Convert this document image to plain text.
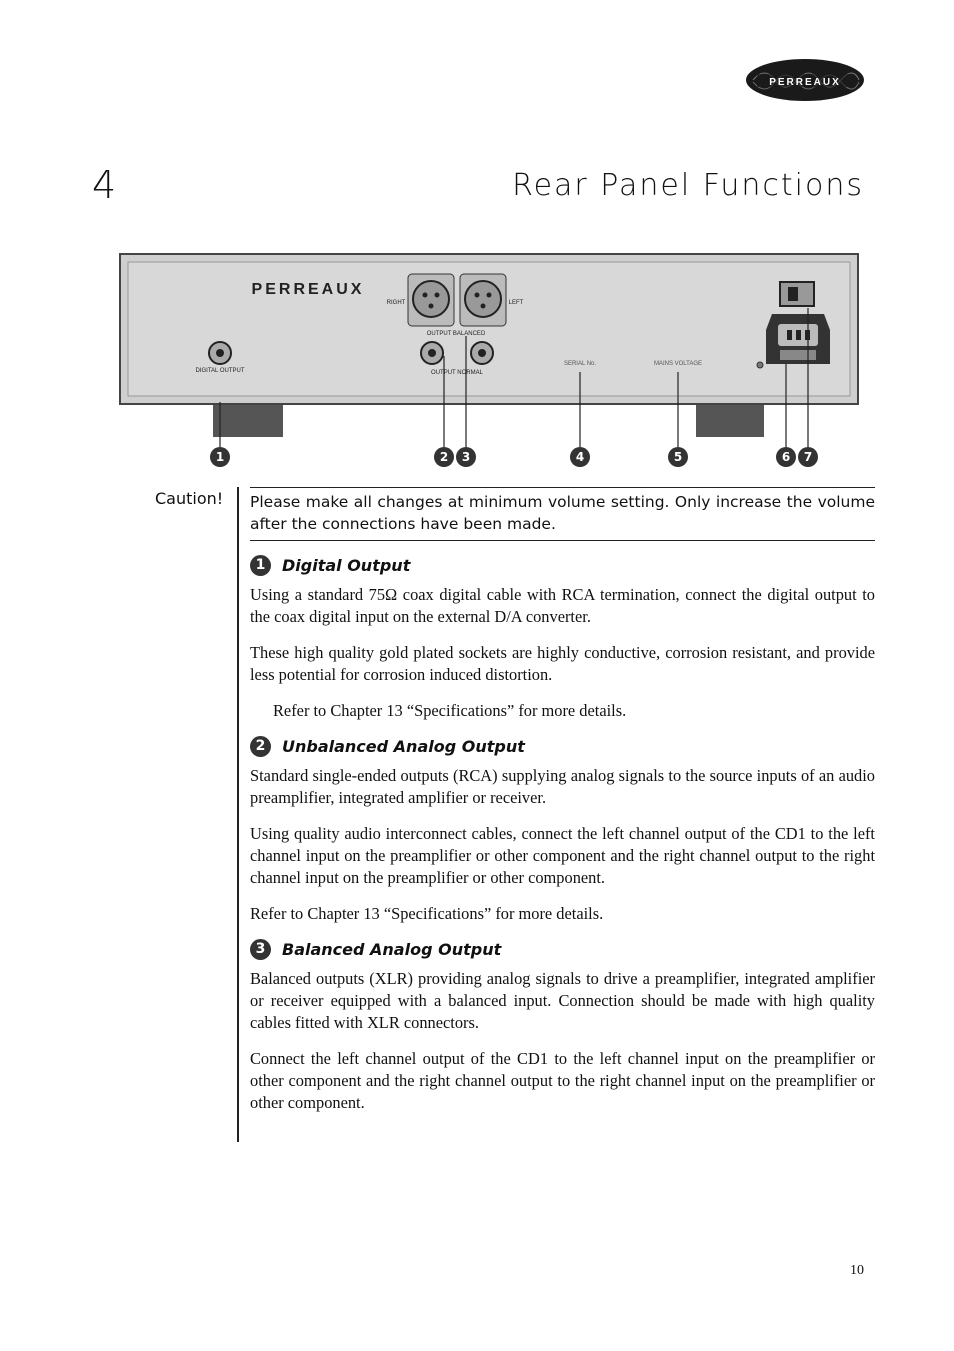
PERREAUX
4	Rear Panel Functions
PERREAUX
RIGHT	LEFT
OUTPUT BALANCED
OUTPUT NORMAL
DIGITAL OUTPUT
SERIAL No.	MAINS VOLTAGE
1	2 3	4	5	6 7
Caution! Please make all changes at minimum volume setting. Only increase the volume after the connections have been made.
1	Digital Output

Using a standard 75Ω coax digital cable with RCA termination, connect the digital output to the coax digital input on the external D/A converter.

These high quality gold plated sockets are highly conductive, corrosion resistant, and provide less potential for corrosion induced distortion.

Refer to Chapter 13 “Specifications” for more details.

2	Unbalanced Analog Output

Standard single-ended outputs (RCA) supplying analog signals to the source inputs of an audio preamplifier, integrated amplifier or receiver.

Using quality audio interconnect cables, connect the left channel output of the CD1 to the left channel input on the preamplifier or other component and the right channel output to the right channel input on the preamplifier or other component.

Refer to Chapter 13 “Specifications” for more details.

3	Balanced Analog Output

Balanced outputs (XLR) providing analog signals to drive a preamplifier, integrated amplifier or receiver equipped with a balanced input. Connection should be made with high quality cables fitted with XLR connectors.

Connect the left channel output of the CD1 to the left channel input on the preamplifier or other component and the right channel output to the right channel input on the preamplifier or other component.

10
